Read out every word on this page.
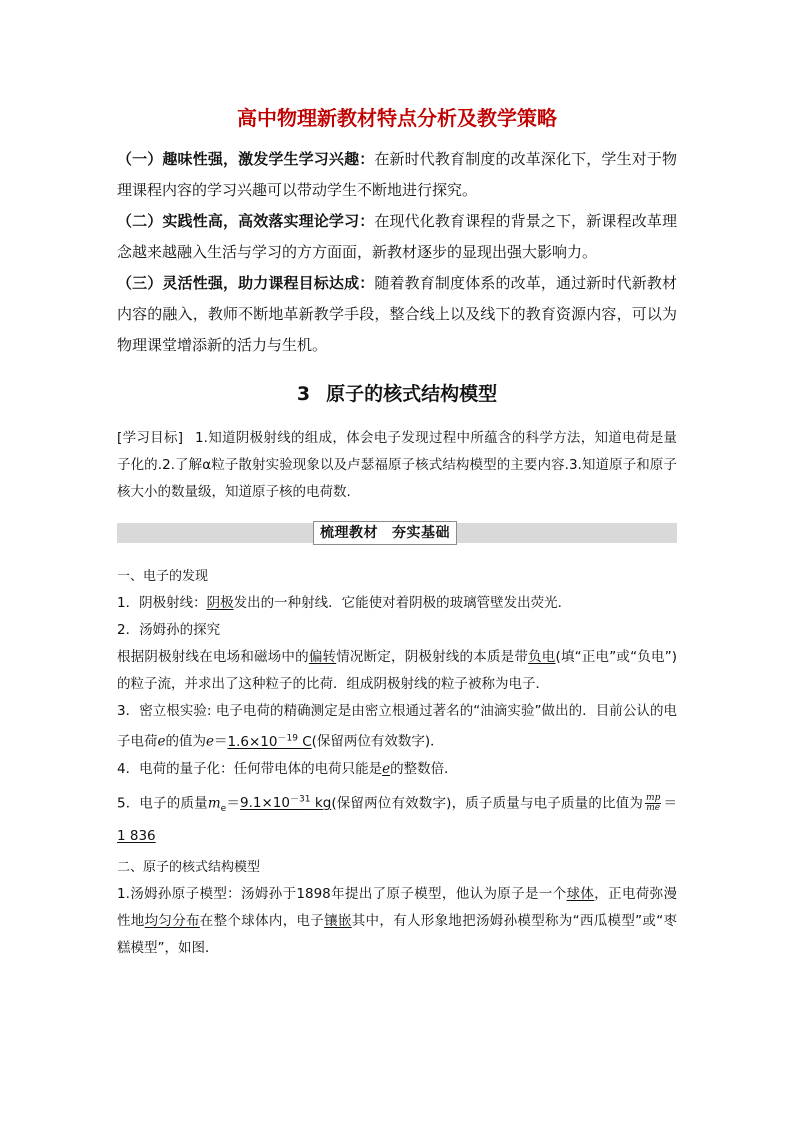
高中物理新教材特点分析及教学策略

（一）趣味性强，激发学生学习兴趣：在新时代教育制度的改革深化下，学生对于物理课程内容的学习兴趣可以带动学生不断地进行探究。

（二）实践性高，高效落实理论学习：在现代化教育课程的背景之下，新课程改革理念越来越融入生活与学习的方方面面，新教材逐步的显现出强大影响力。

（三）灵活性强，助力课程目标达成：随着教育制度体系的改革，通过新时代新教材内容的融入，教师不断地革新教学手段，整合线上以及线下的教育资源内容，可以为物理课堂增添新的活力与生机。

3 原子的核式结构模型

[学习目标] 1.知道阴极射线的组成，体会电子发现过程中所蕴含的科学方法，知道电荷是量子化的.2.了解α粒子散射实验现象以及卢瑟福原子核式结构模型的主要内容.3.知道原子和原子核大小的数量级，知道原子核的电荷数.

梳理教材 夯实基础

一、电子的发现

1．阴极射线：阴极发出的一种射线．它能使对着阴极的玻璃管壁发出荧光．

2．汤姆孙的探究

根据阴极射线在电场和磁场中的偏转情况断定，阴极射线的本质是带负电(填“正电”或“负电”)的粒子流，并求出了这种粒子的比荷．组成阴极射线的粒子被称为电子．

3．密立根实验: 电子电荷的精确测定是由密立根通过著名的“油滴实验”做出的．目前公认的电子电荷e的值为$e=1.6\times 10^{-19}$ C(保留两位有效数字)．

4．电荷的量子化：任何带电体的电荷只能是e的整数倍．

5．电子的质量$m_e=9.1\times 10^{-31}$ kg(保留两位有效数字)，质子质量与电子质量的比值为 $\frac{mp}{me} =1$ 836

二、原子的核式结构模型

1.汤姆孙原子模型：汤姆孙于1898年提出了原子模型，他认为原子是一个球体，正电荷弥漫性地均匀分布在整个球体内，电子镶嵌其中，有人形象地把汤姆孙模型称为“西瓜模型”或“枣糕模型”，如图．
